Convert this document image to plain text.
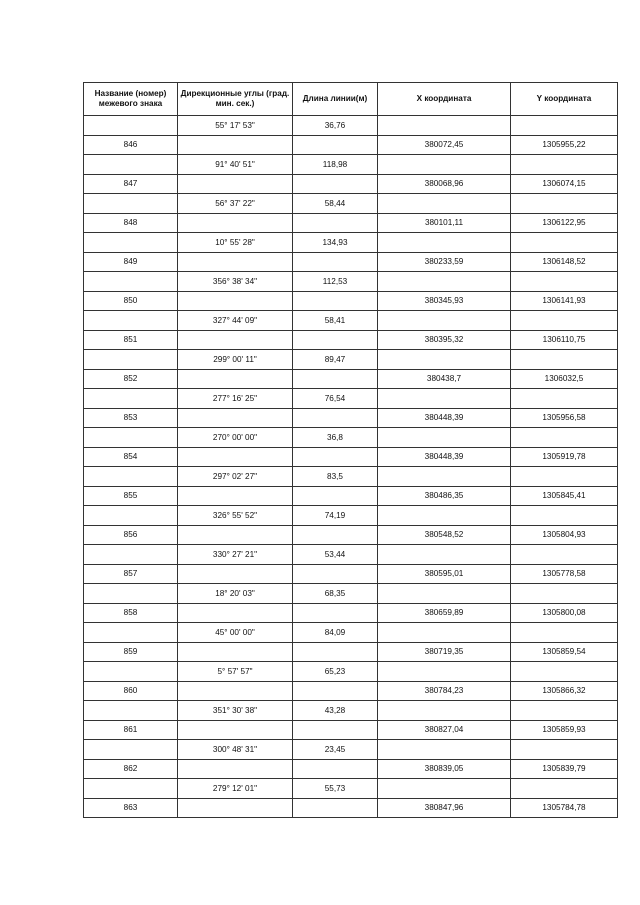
Название (номер) межевого знака	Дирекционные углы (град. мин. сек.)	Длина линии(м)	X координата	Y координата
	55° 17' 53"	36,76		
846			380072,45	1305955,22
	91° 40' 51"	118,98		
847			380068,96	1306074,15
	56° 37' 22"	58,44		
848			380101,11	1306122,95
	10° 55' 28"	134,93		
849			380233,59	1306148,52
	356° 38' 34"	112,53		
850			380345,93	1306141,93
	327° 44' 09"	58,41		
851			380395,32	1306110,75
	299° 00' 11"	89,47		
852			380438,7	1306032,5
	277° 16' 25"	76,54		
853			380448,39	1305956,58
	270° 00' 00"	36,8		
854			380448,39	1305919,78
	297° 02' 27"	83,5		
855			380486,35	1305845,41
	326° 55' 52"	74,19		
856			380548,52	1305804,93
	330° 27' 21"	53,44		
857			380595,01	1305778,58
	18° 20' 03"	68,35		
858			380659,89	1305800,08
	45° 00' 00"	84,09		
859			380719,35	1305859,54
	5° 57' 57"	65,23		
860			380784,23	1305866,32
	351° 30' 38"	43,28		
861			380827,04	1305859,93
	300° 48' 31"	23,45		
862			380839,05	1305839,79
	279° 12' 01"	55,73		
863			380847,96	1305784,78
